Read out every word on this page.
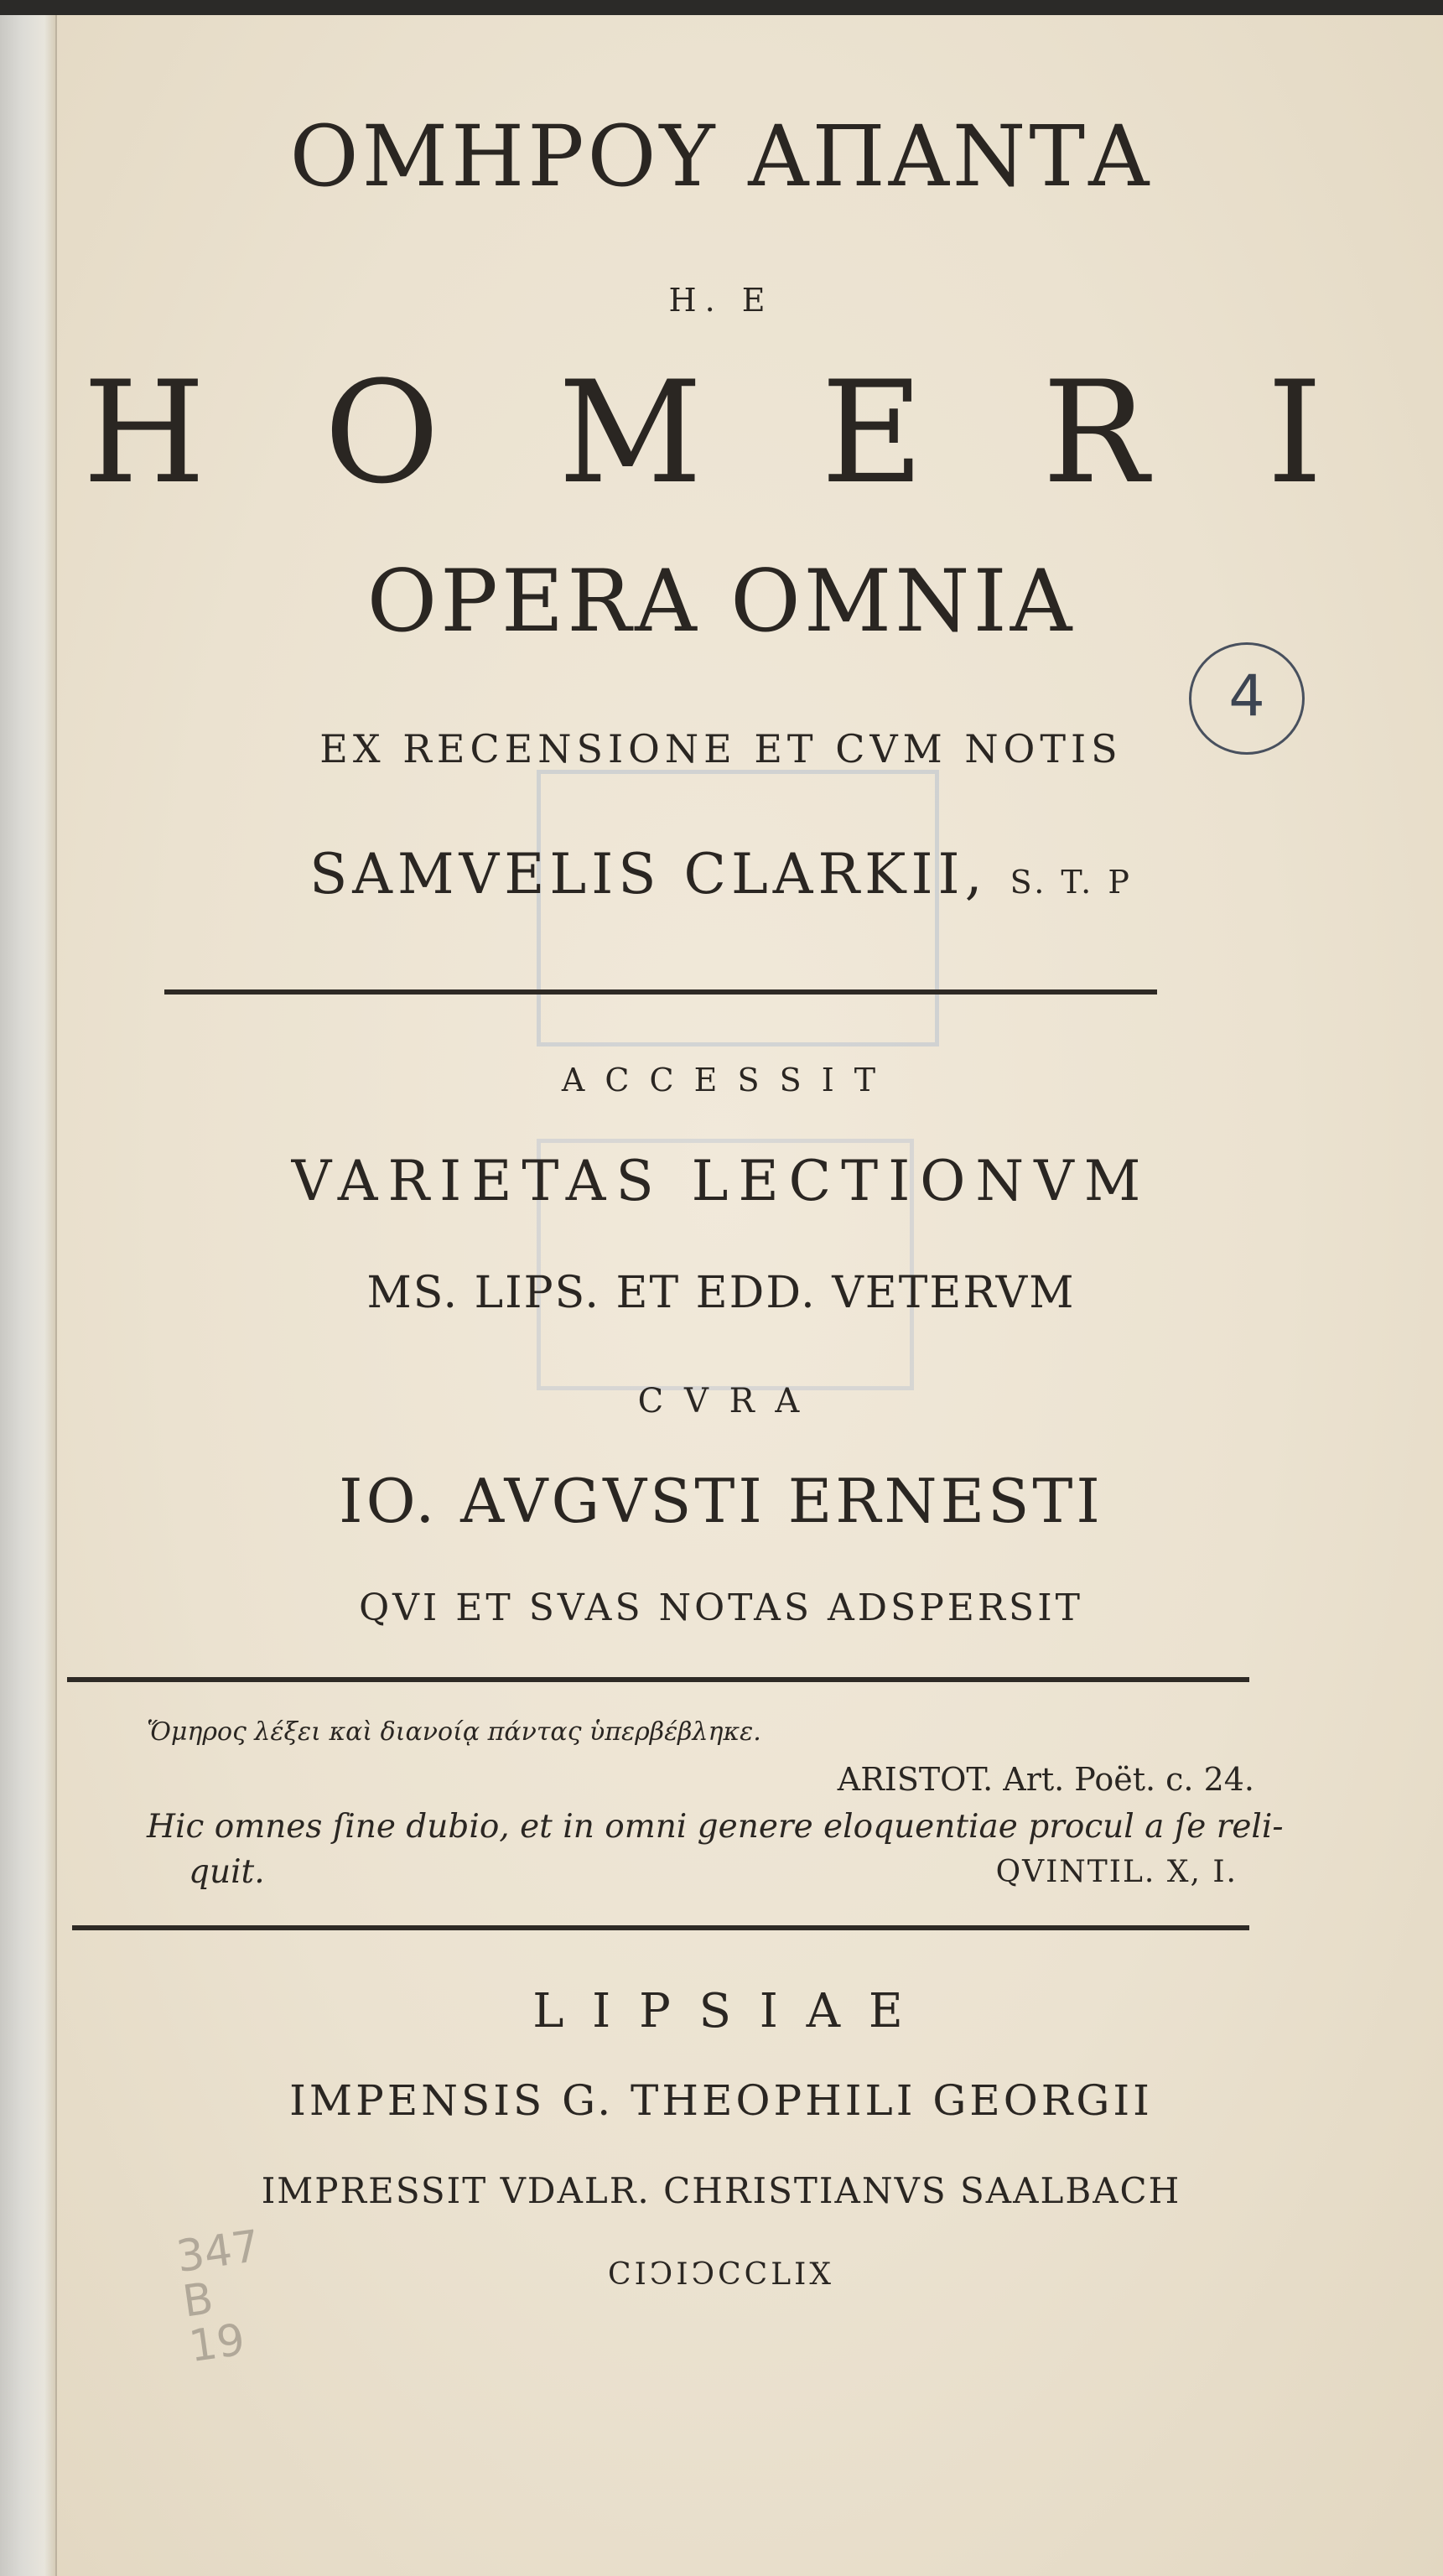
ΟΜΗΡΟΥ ΑΠΑΝΤΑ
H. E
H O M E R I
OPERA OMNIA
EX RECENSIONE ET CVM NOTIS
SAMVELIS CLARKII, S. T. P
A C C E S S I T
VARIETAS LECTIONVM
MS. LIPS. ET EDD. VETERVM
C V R A
IO. AVGVSTI ERNESTI
QVI ET SVAS NOTAS ADSPERSIT
Ὅμηρος λέξει καὶ διανοίᾳ πάντας ὑπερβέβληκε.
ARISTOT. Art. Poët. c. 24.
Hic omnes ſine dubio, et in omni genere eloquentiae procul a ſe reli-
quit.	QVINTIL. X, I.
L I P S I A E
IMPENSIS G. THEOPHILI GEORGII
IMPRESSIT VDALR. CHRISTIANVS SAALBACH
CIↃIↃCCLIX
4
347
B
19
